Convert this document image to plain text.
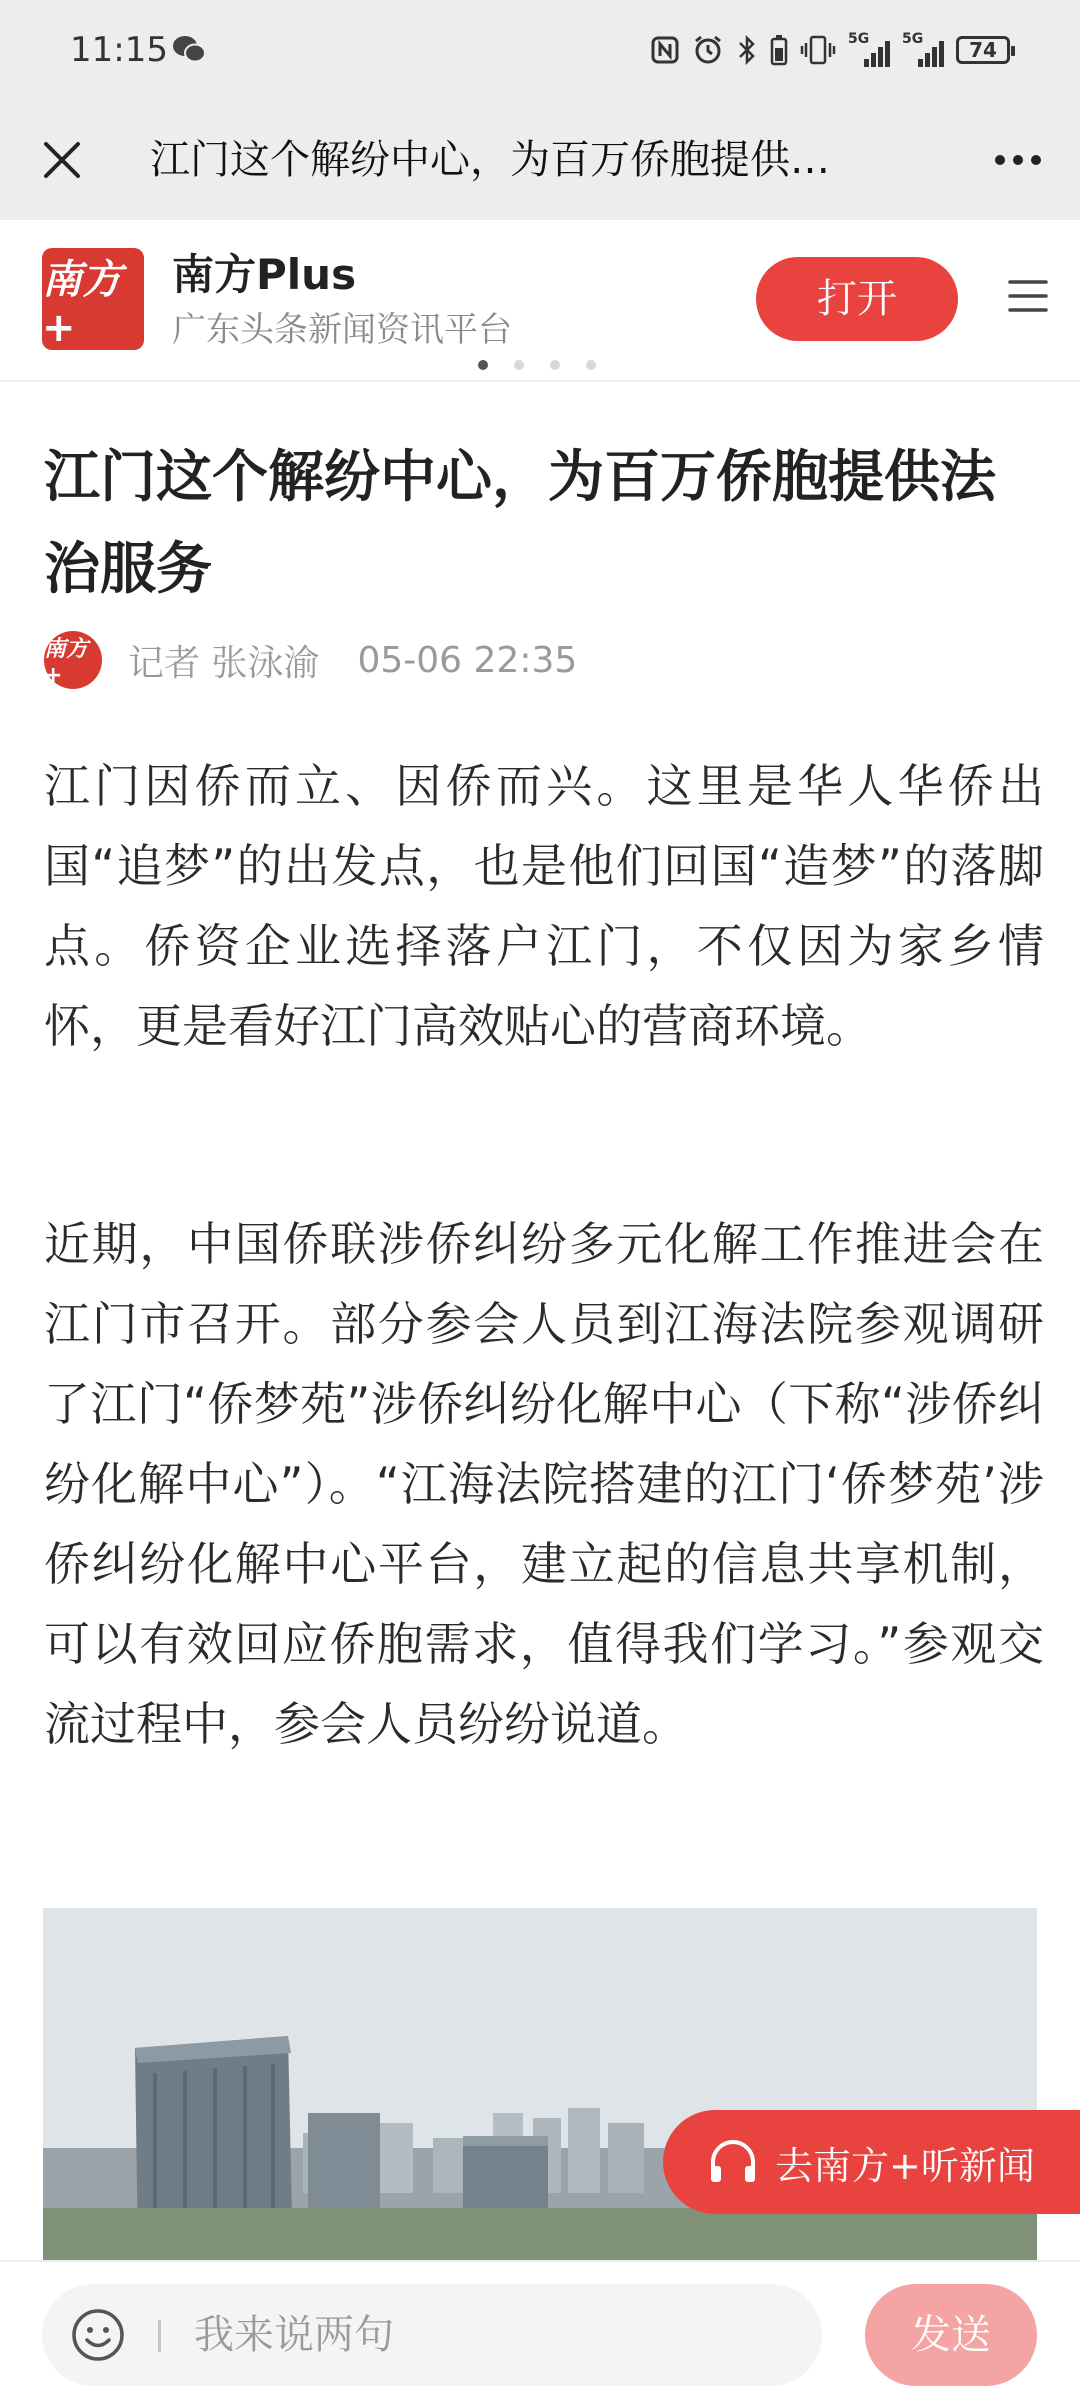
11:15	5G 5G 74
江门这个解纷中心，为百万侨胞提供…
南方+
南方Plus
广东头条新闻资讯平台
打开
江门这个解纷中心，为百万侨胞提供法治服务
南方+	记者 张泳渝 05-06 22:35

江门因侨而立、因侨而兴。这里是华人华侨出国“追梦”的出发点，也是他们回国“造梦”的落脚点。侨资企业选择落户江门，不仅因为家乡情怀，更是看好江门高效贴心的营商环境。

近期，中国侨联涉侨纠纷多元化解工作推进会在江门市召开。部分参会人员到江海法院参观调研了江门“侨梦苑”涉侨纠纷化解中心（下称“涉侨纠纷化解中心”）。“江海法院搭建的江门‘侨梦苑’涉侨纠纷化解中心平台，建立起的信息共享机制，可以有效回应侨胞需求，值得我们学习。”参观交流过程中，参会人员纷纷说道。

去南方+听新闻
我来说两句	发送
